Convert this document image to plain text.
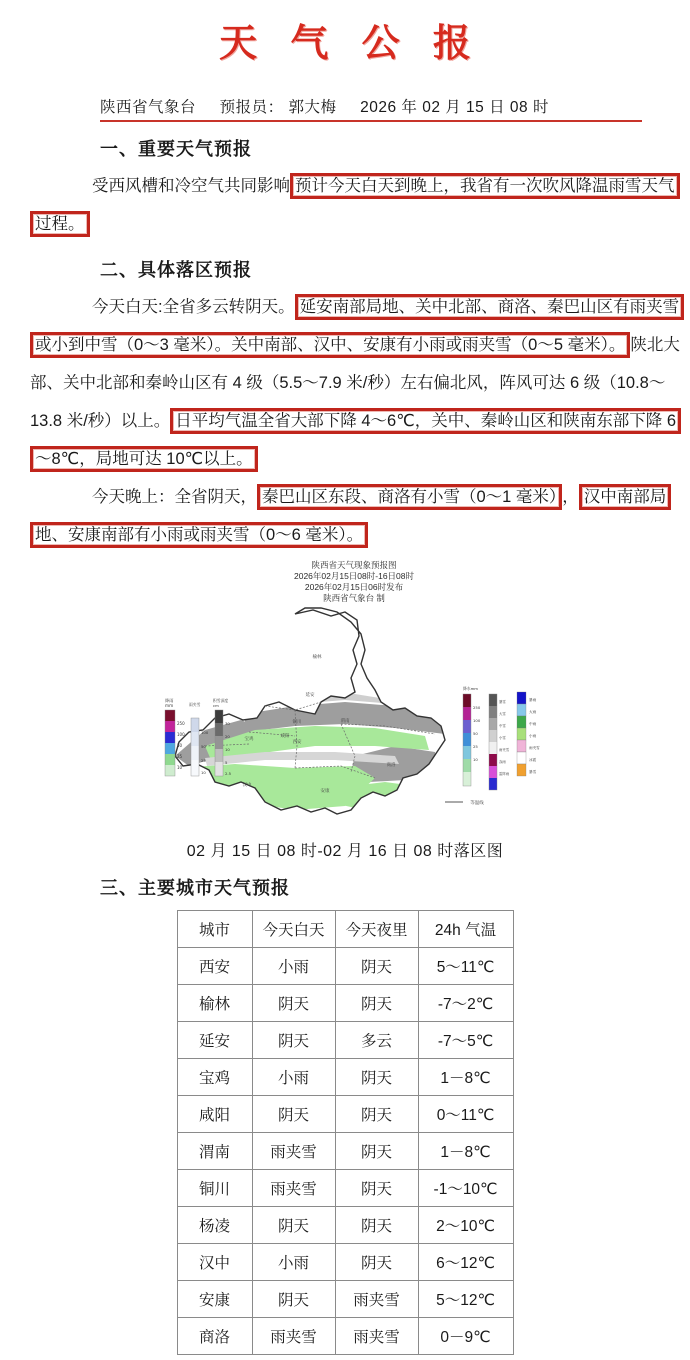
天 气 公 报
陕西省气象台 预报员： 郭大梅 2026 年 02 月 15 日 08 时
一、重要天气预报
受西风槽和冷空气共同影响 预计今天白天到晚上，我省有一次吹风降温雨雪天气过程。
二、具体落区预报
今天白天:全省多云转阴天。 延安南部局地、关中北部、商洛、秦巴山区有雨夹雪或小到中雪（0～3 毫米）。关中南部、汉中、安康有小雨或雨夹雪（0～5 毫米）。 陕北大部、关中北部和秦岭山区有 4 级（5.5～7.9 米/秒）左右偏北风，阵风可达 6 级（10.8～13.8 米/秒）以上。 日平均气温全省大部下降 4～6℃，关中、秦岭山区和陕南东部下降 6～8℃，局地可达 10℃以上。
今天晚上：全省阴天， 秦巴山区东段、商洛有小雪（0～1 毫米） ， 汉中南部局地、安康南部有小雨或雨夹雪（0～6 毫米）。
陕西省天气现象预报图
2026年02月15日08时-16日08时
2026年02月15日06时发布
陕西省气象台 制
榆林
延安
铜川
宝鸡
咸阳
西安
渭南
商洛
汉中
安康
等温线
降雨
mm
250
100
50
25
10
雨夹雪
100
50
25
10
积雪深度
cm
30
20
10
5
2.5
降水mm
250
100
50
25
10
暴雪
大雪
中雪
小雪
雨夹雪
冻雨
雷阵雨
暴雨
大雨
中雨
小雨
雨夹雪
冰雹
暴雪
02 月 15 日 08 时-02 月 16 日 08 时落区图
三、主要城市天气预报
城市	今天白天	今天夜里	24h 气温
西安	小雨	阴天	5～11℃
榆林	阴天	阴天	-7～2℃
延安	阴天	多云	-7～5℃
宝鸡	小雨	阴天	1－8℃
咸阳	阴天	阴天	0～11℃
渭南	雨夹雪	阴天	1－8℃
铜川	雨夹雪	阴天	-1～10℃
杨凌	阴天	阴天	2～10℃
汉中	小雨	阴天	6～12℃
安康	阴天	雨夹雪	5～12℃
商洛	雨夹雪	雨夹雪	0－9℃
